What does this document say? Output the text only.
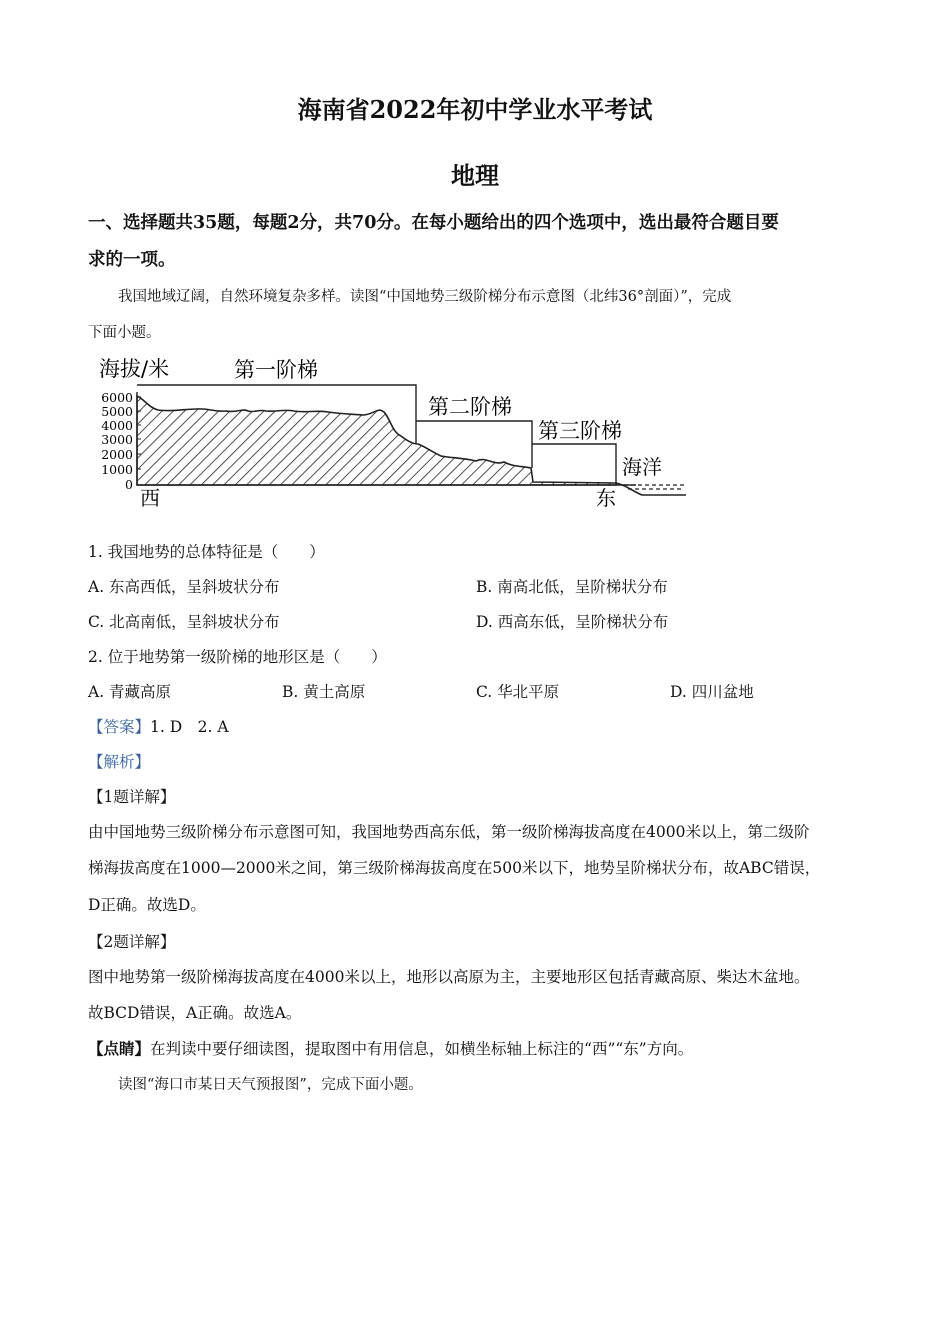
海南省2022年初中学业水平考试
地理
一、选择题共35题，每题2分，共70分。在每小题给出的四个选项中，选出最符合题目要
求的一项。
我国地域辽阔，自然环境复杂多样。读图“中国地势三级阶梯分布示意图（北纬36°剖面）”，完成
下面小题。
海拔/米	第一阶梯
第二阶梯
第三阶梯
海洋
西	东
6000
5000
4000
3000
2000
1000
0
1. 我国地势的总体特征是（　　）
A. 东高西低，呈斜坡状分布	B. 南高北低，呈阶梯状分布
C. 北高南低，呈斜坡状分布	D. 西高东低，呈阶梯状分布
2. 位于地势第一级阶梯的地形区是（　　）
A. 青藏高原	B. 黄土高原	C. 华北平原	D. 四川盆地
【答案】1. D　2. A
【解析】
【1题详解】
由中国地势三级阶梯分布示意图可知，我国地势西高东低，第一级阶梯海拔高度在4000米以上，第二级阶
梯海拔高度在1000—2000米之间，第三级阶梯海拔高度在500米以下，地势呈阶梯状分布，故ABC错误，
D正确。故选D。
【2题详解】
图中地势第一级阶梯海拔高度在4000米以上，地形以高原为主，主要地形区包括青藏高原、柴达木盆地。
故BCD错误，A正确。故选A。
【点睛】在判读中要仔细读图，提取图中有用信息，如横坐标轴上标注的“西”“东”方向。
读图“海口市某日天气预报图”，完成下面小题。
